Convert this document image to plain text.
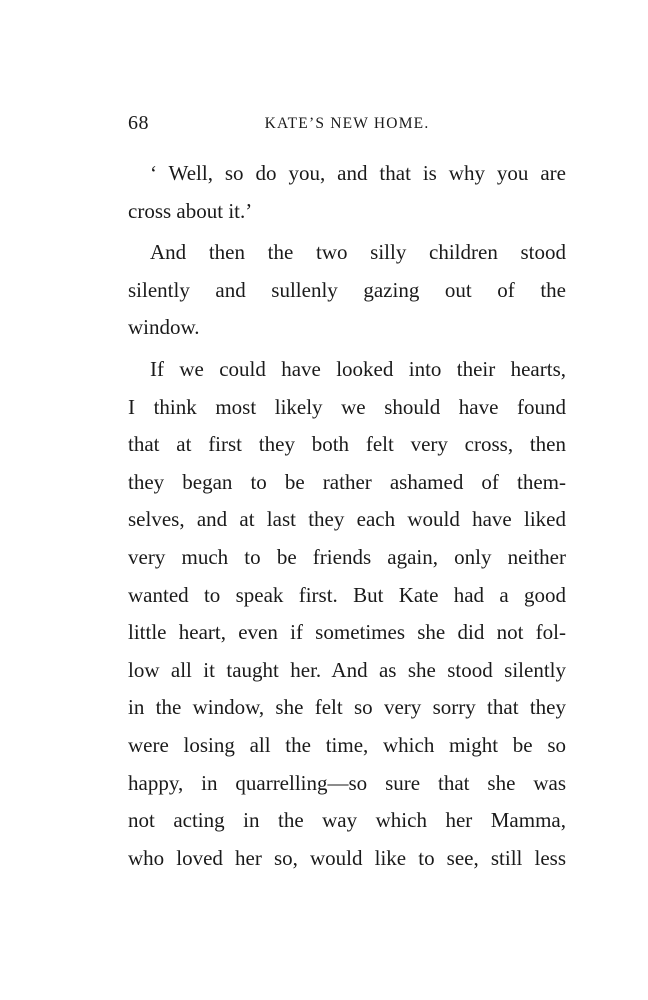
68	KATE’S NEW HOME.
‘ Well, so do you, and that is why you are
cross about it.’
And then the two silly children stood
silently and sullenly gazing out of the
window.
If we could have looked into their hearts,
I think most likely we should have found
that at first they both felt very cross, then
they began to be rather ashamed of them-
selves, and at last they each would have liked
very much to be friends again, only neither
wanted to speak first. But Kate had a good
little heart, even if sometimes she did not fol-
low all it taught her. And as she stood silently
in the window, she felt so very sorry that they
were losing all the time, which might be so
happy, in quarrelling—so sure that she was
not acting in the way which her Mamma,
who loved her so, would like to see, still less
